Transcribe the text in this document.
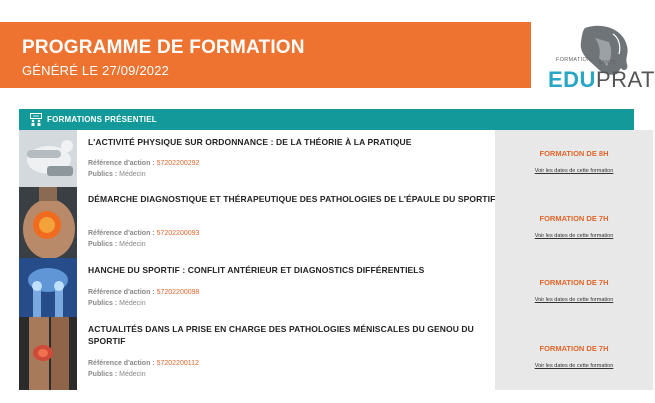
PROGRAMME DE FORMATION
GÉNÉRÉ LE 27/09/2022
FORMATION SANTÉ
EDUPRAT
FORMATIONS PRÉSENTIEL
L'ACTIVITÉ PHYSIQUE SUR ORDONNANCE : DE LA THÉORIE À LA PRATIQUE
Référence d'action : 57202200292
Publics : Médecin
FORMATION DE 8H
Voir les dates de cette formation
DÉMARCHE DIAGNOSTIQUE ET THÉRAPEUTIQUE DES PATHOLOGIES DE L'ÉPAULE DU SPORTIF
Référence d'action : 57202200093
Publics : Médecin
FORMATION DE 7H
Voir les dates de cette formation
HANCHE DU SPORTIF : CONFLIT ANTÉRIEUR ET DIAGNOSTICS DIFFÉRENTIELS
Référence d'action : 57202200098
Publics : Médecin
FORMATION DE 7H
Voir les dates de cette formation
ACTUALITÉS DANS LA PRISE EN CHARGE DES PATHOLOGIES MÉNISCALES DU GENOU DU SPORTIF
Référence d'action : 57202200112
Publics : Médecin
FORMATION DE 7H
Voir les dates de cette formation
